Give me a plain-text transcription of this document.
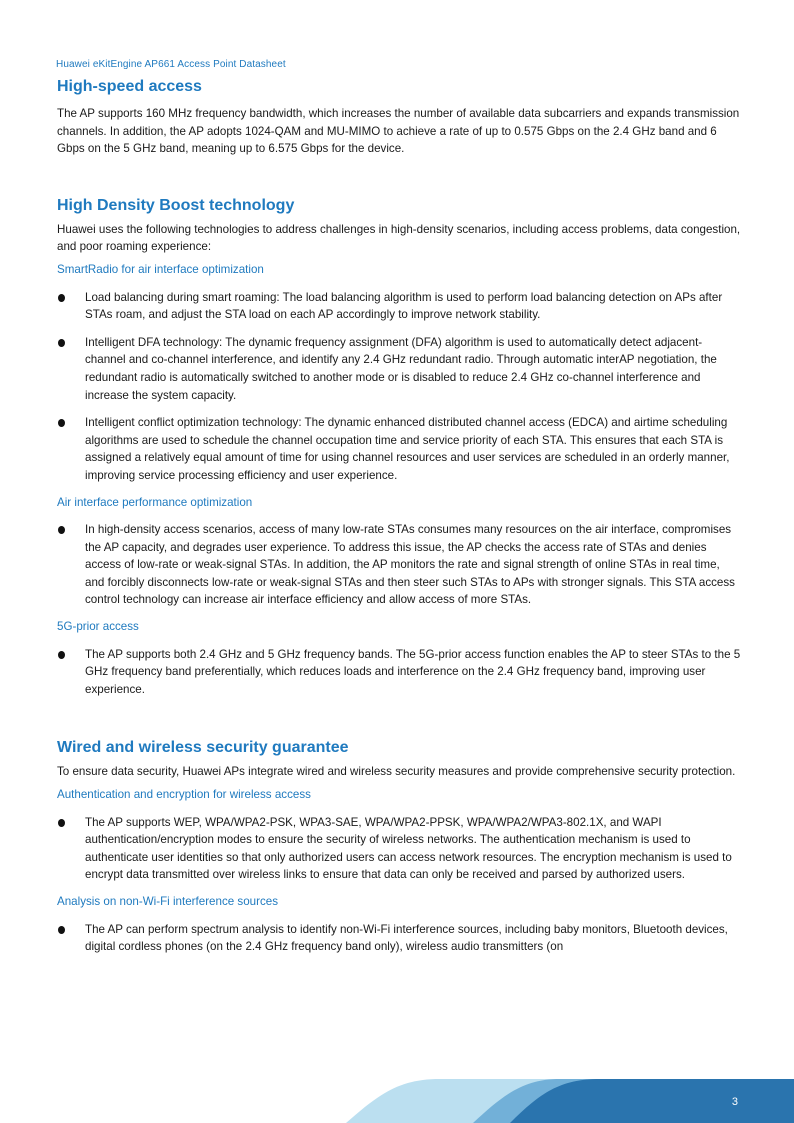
Huawei eKitEngine AP661 Access Point Datasheet
High-speed access

The AP supports 160 MHz frequency bandwidth, which increases the number of available data subcarriers and expands transmission channels. In addition, the AP adopts 1024-QAM and MU-MIMO to achieve a rate of up to 0.575 Gbps on the 2.4 GHz band and 6 Gbps on the 5 GHz band, meaning up to 6.575 Gbps for the device.

High Density Boost technology

Huawei uses the following technologies to address challenges in high-density scenarios, including access problems, data congestion, and poor roaming experience:

SmartRadio for air interface optimization
Load balancing during smart roaming: The load balancing algorithm is used to perform load balancing detection on APs after STAs roam, and adjust the STA load on each AP accordingly to improve network stability.
Intelligent DFA technology: The dynamic frequency assignment (DFA) algorithm is used to automatically detect adjacent-channel and co-channel interference, and identify any 2.4 GHz redundant radio. Through automatic interAP negotiation, the redundant radio is automatically switched to another mode or is disabled to reduce 2.4 GHz co-channel interference and increase the system capacity.
Intelligent conflict optimization technology: The dynamic enhanced distributed channel access (EDCA) and airtime scheduling algorithms are used to schedule the channel occupation time and service priority of each STA. This ensures that each STA is assigned a relatively equal amount of time for using channel resources and user services are scheduled in an orderly manner, improving service processing efficiency and user experience.
Air interface performance optimization
In high-density access scenarios, access of many low-rate STAs consumes many resources on the air interface, compromises the AP capacity, and degrades user experience. To address this issue, the AP checks the access rate of STAs and denies access of low-rate or weak-signal STAs. In addition, the AP monitors the rate and signal strength of online STAs in real time, and forcibly disconnects low-rate or weak-signal STAs and then steer such STAs to APs with stronger signals. This STA access control technology can increase air interface efficiency and allow access of more STAs.
5G-prior access
The AP supports both 2.4 GHz and 5 GHz frequency bands. The 5G-prior access function enables the AP to steer STAs to the 5 GHz frequency band preferentially, which reduces loads and interference on the 2.4 GHz frequency band, improving user experience.
Wired and wireless security guarantee

To ensure data security, Huawei APs integrate wired and wireless security measures and provide comprehensive security protection.

Authentication and encryption for wireless access
The AP supports WEP, WPA/WPA2-PSK, WPA3-SAE, WPA/WPA2-PPSK, WPA/WPA2/WPA3-802.1X, and WAPI authentication/encryption modes to ensure the security of wireless networks. The authentication mechanism is used to authenticate user identities so that only authorized users can access network resources. The encryption mechanism is used to encrypt data transmitted over wireless links to ensure that data can only be received and parsed by authorized users.
Analysis on non-Wi-Fi interference sources
The AP can perform spectrum analysis to identify non-Wi-Fi interference sources, including baby monitors, Bluetooth devices, digital cordless phones (on the 2.4 GHz frequency band only), wireless audio transmitters (on
3
